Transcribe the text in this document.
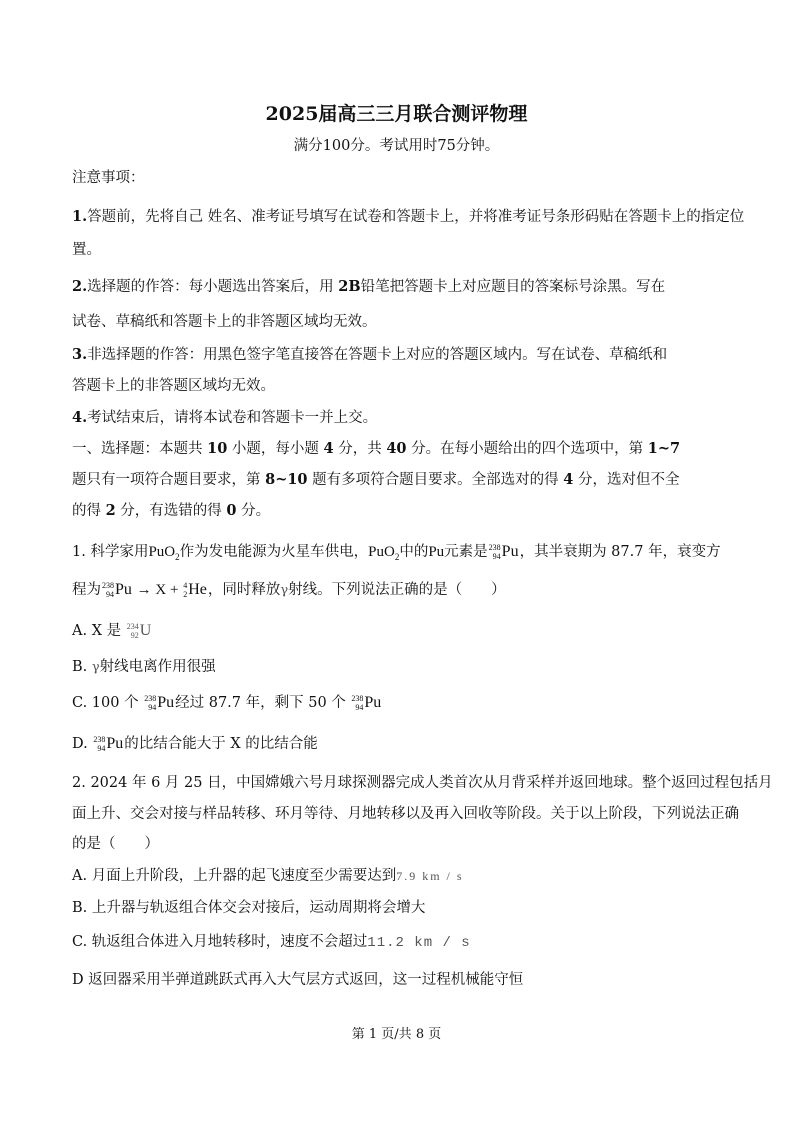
2025届高三三月联合测评物理
满分100分。考试用时75分钟。
注意事项：
1.答题前，先将自己 姓名、准考证号填写在试卷和答题卡上，并将准考证号条形码贴在答题卡上的指定位
置。
2.选择题的作答：每小题选出答案后，用 2B铅笔把答题卡上对应题目的答案标号涂黑。写在
试卷、草稿纸和答题卡上的非答题区域均无效。
3.非选择题的作答：用黑色签字笔直接答在答题卡上对应的答题区域内。写在试卷、草稿纸和
答题卡上的非答题区域均无效。
4.考试结束后，请将本试卷和答题卡一并上交。
一、选择题：本题共 10 小题，每小题 4 分，共 40 分。在每小题给出的四个选项中，第 1~7
题只有一项符合题目要求，第 8~10 题有多项符合题目要求。全部选对的得 4 分，选对但不全
的得 2 分，有选错的得 0 分。
1. 科学家用PuO$_2$作为发电能源为火星车供电，PuO$_2$中的Pu元素是 238
94 Pu ，其半衰期为 87.7 年，衰变方
程为 238
94 Pu → X + 4
2 He ，同时释放γ射线。下列说法正确的是（　　）
A. X 是 234
92 U
B. γ射线电离作用很强
C. 100 个 238
94 Pu 经过 87.7 年，剩下 50 个 238
94 Pu
D. 238
94 Pu 的比结合能大于 X 的比结合能
2. 2024 年 6 月 25 日，中国嫦娥六号月球探测器完成人类首次从月背采样并返回地球。整个返回过程包括月
面上升、交会对接与样品转移、环月等待、月地转移以及再入回收等阶段。关于以上阶段，下列说法正确
的是（　　）
A. 月面上升阶段，上升器的起飞速度至少需要达到7.9 km / s
B. 上升器与轨返组合体交会对接后，运动周期将会增大
C. 轨返组合体进入月地转移时，速度不会超过11.2 km / s
D 返回器采用半弹道跳跃式再入大气层方式返回，这一过程机械能守恒
第 1 页/共 8 页
